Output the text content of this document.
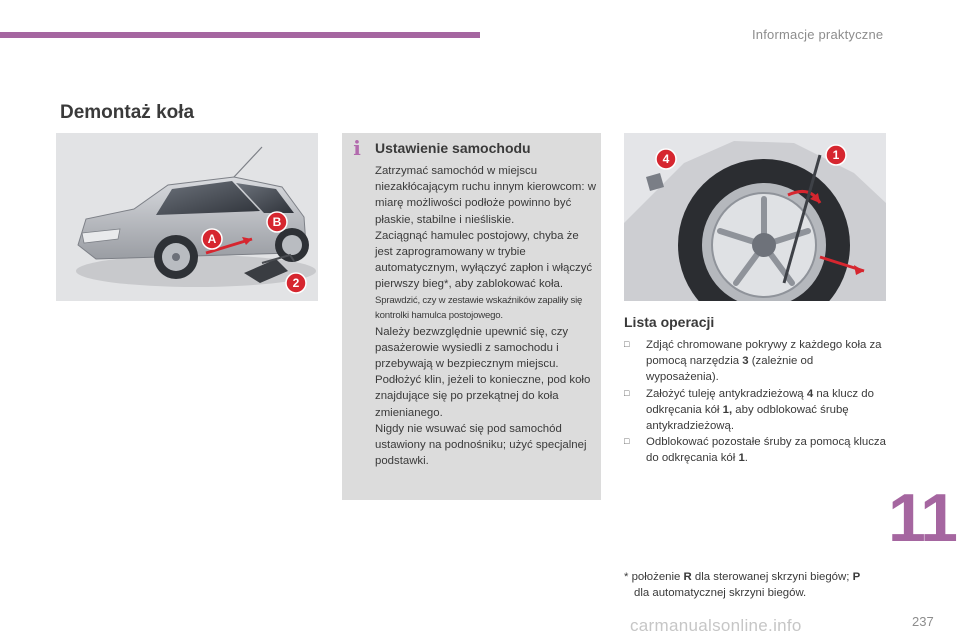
Informacje praktyczne
Demontaż koła
A
B
2
i Ustawienie samochodu
Zatrzymać samochód w miejscu niezakłócającym ruchu innym kierowcom: w miarę możliwości podłoże powinno być płaskie, stabilne i nieśliskie.
Zaciągnąć hamulec postojowy, chyba że jest zaprogramowany w trybie automatycznym, wyłączyć zapłon i włączyć pierwszy bieg*, aby zablokować koła.
Sprawdzić, czy w zestawie wskaźników zapaliły się kontrolki hamulca postojowego.
Należy bezwzględnie upewnić się, czy pasażerowie wysiedli z samochodu i przebywają w bezpiecznym miejscu.
Podłożyć klin, jeżeli to konieczne, pod koło znajdujące się po przekątnej do koła zmienianego.
Nigdy nie wsuwać się pod samochód ustawiony na podnośniku; użyć specjalnej podstawki.
4	1
Lista operacji
□	Zdjąć chromowane pokrywy z każdego koła za pomocą narzędzia 3 (zależnie od wyposażenia).
□	Założyć tuleję antykradzieżową 4 na klucz do odkręcania kół 1, aby odblokować śrubę antykradzieżową.
□	Odblokować pozostałe śruby za pomocą klucza do odkręcania kół 1.
* położenie R dla sterowanej skrzyni biegów; P
dla automatycznej skrzyni biegów.
11
carmanualsonline.info	237
